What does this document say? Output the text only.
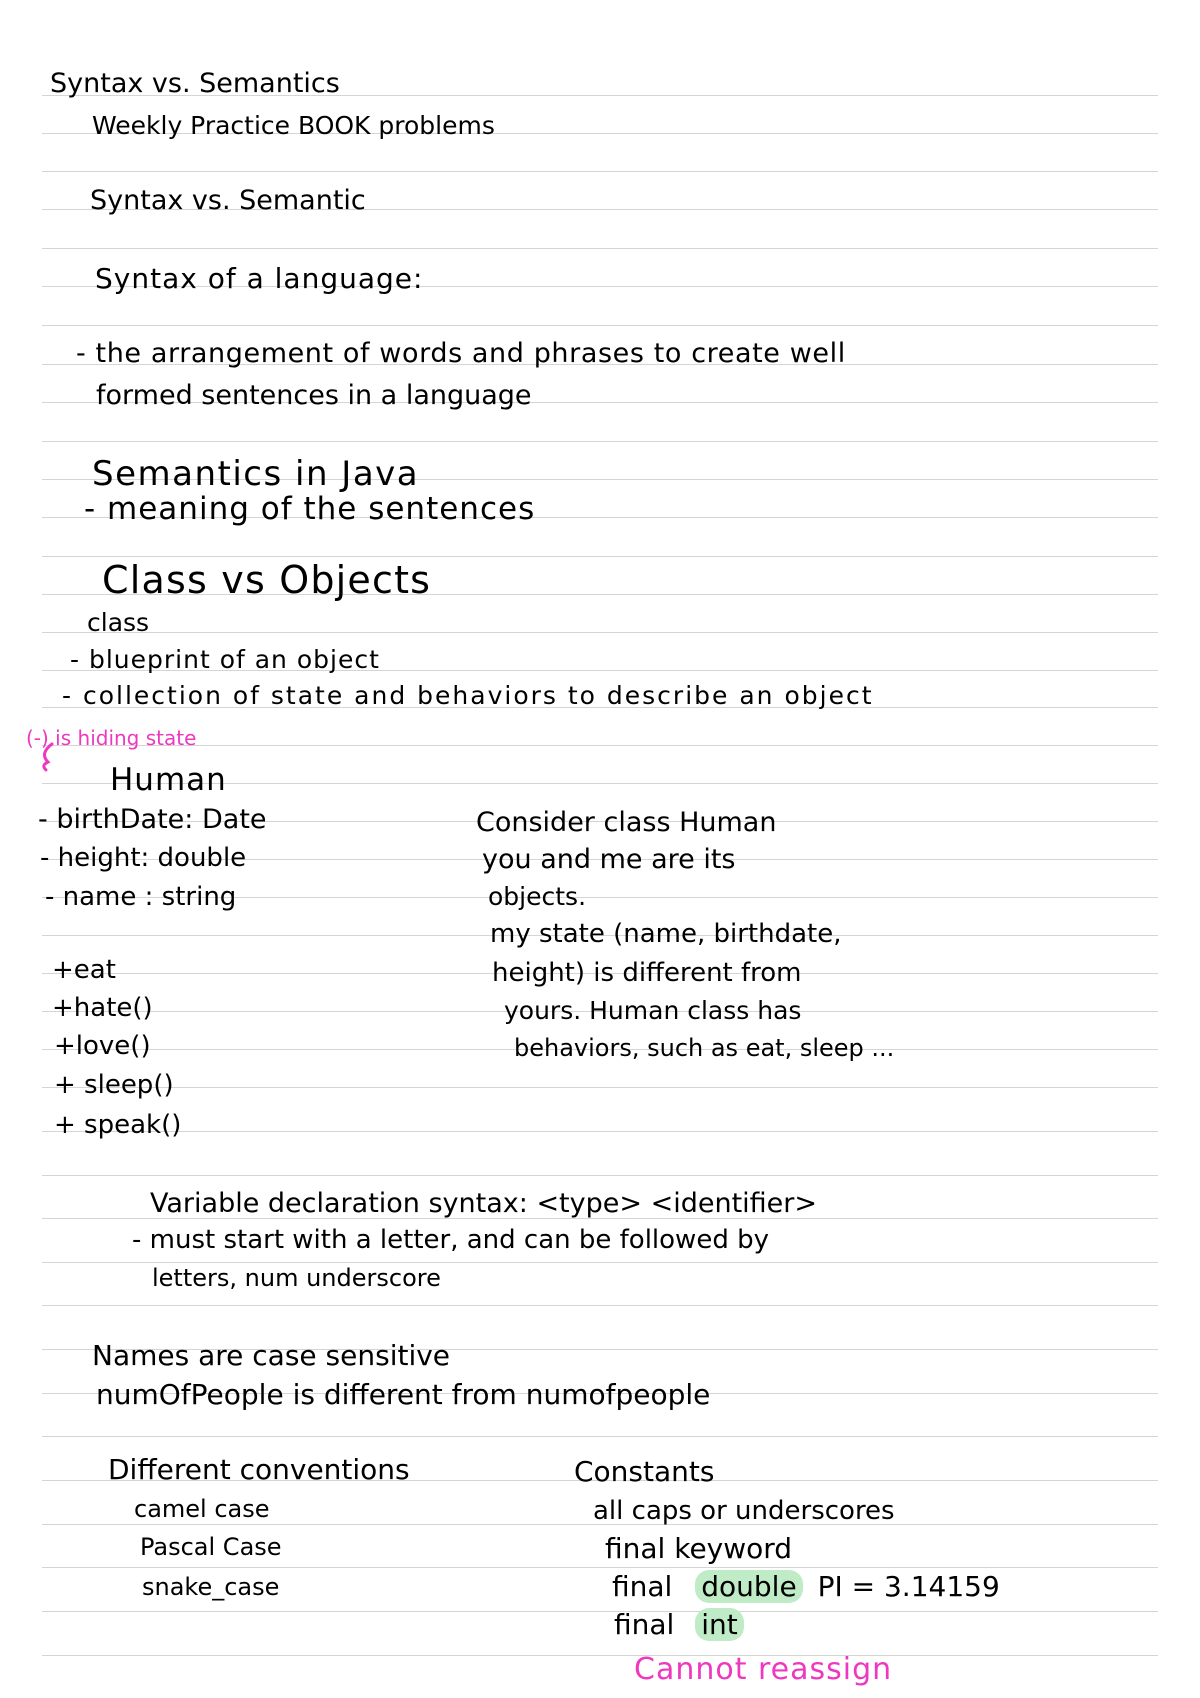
Syntax vs. Semantics
Weekly Practice BOOK problems
Syntax vs. Semantic
Syntax of a language:
- the arrangement of words and phrases to create well
formed sentences in a language
Semantics in Java
- meaning of the sentences
Class vs Objects
class
- blueprint of an object
- collection of state and behaviors to describe an object
(-) is hiding state
Human
- birthDate: Date
- height: double
- name : string
+eat
+hate()
+love()
+ sleep()
+ speak()
Consider class Human
you and me are its
objects.
my state (name, birthdate,
height) is different from
yours. Human class has
behaviors, such as eat, sleep ...
Variable declaration syntax: <type> <identifier>
- must start with a letter, and can be followed by
letters, num underscore
Names are case sensitive
numOfPeople is different from numofpeople
Different conventions
camel case
Pascal Case
snake_case
Constants
all caps or underscores
final keyword
final double PI = 3.14159
final int
Cannot reassign
